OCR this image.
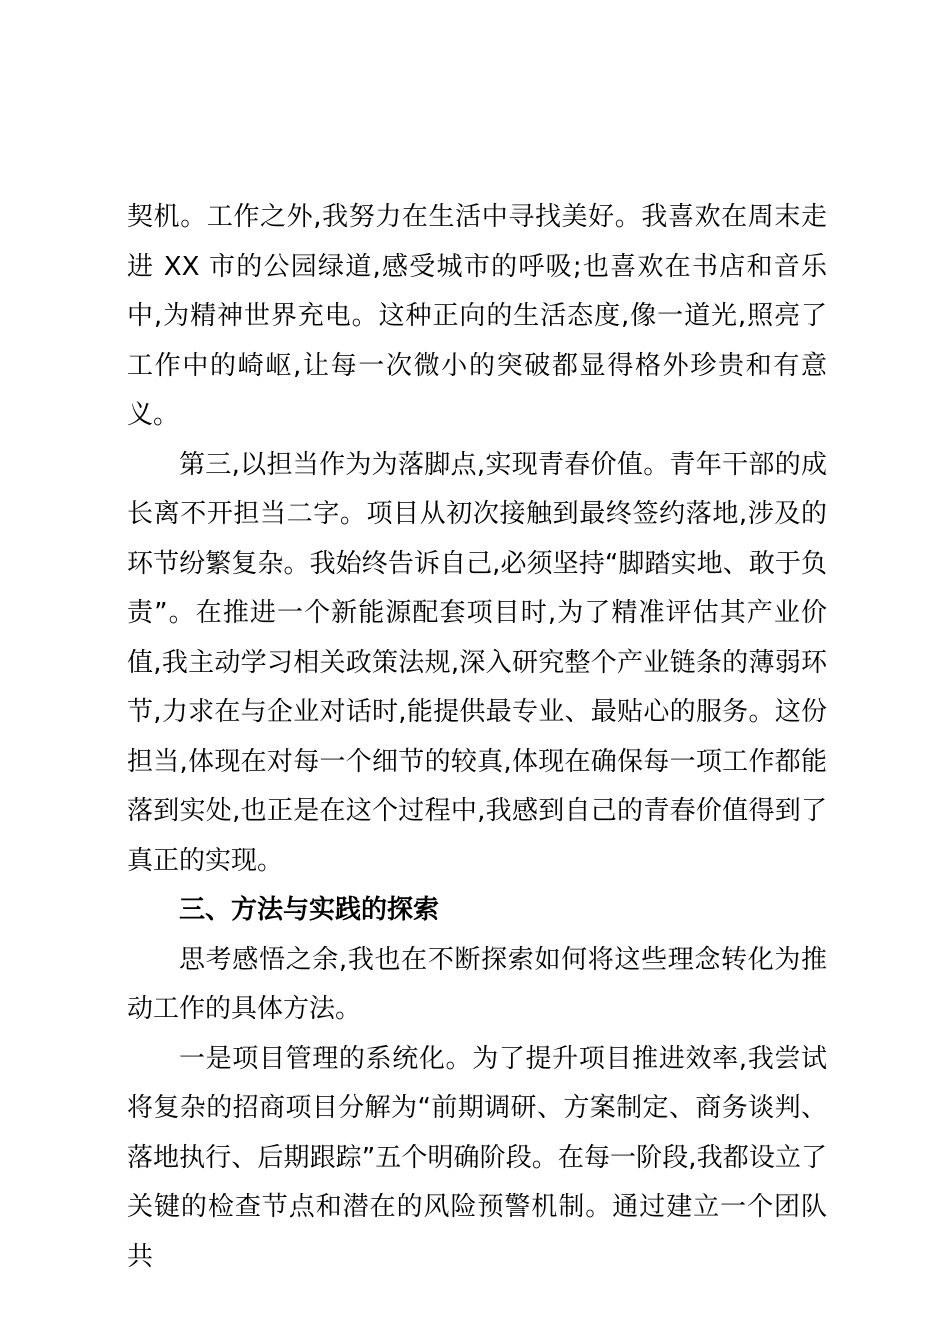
契机。工作之外,我努力在生活中寻找美好。我喜欢在周末走进 XX 市的公园绿道,感受城市的呼吸;也喜欢在书店和音乐中,为精神世界充电。这种正向的生活态度,像一道光,照亮了工作中的崎岖,让每一次微小的突破都显得格外珍贵和有意义。

第三,以担当作为为落脚点,实现青春价值。青年干部的成长离不开担当二字。项目从初次接触到最终签约落地,涉及的环节纷繁复杂。我始终告诉自己,必须坚持“脚踏实地、敢于负责”。在推进一个新能源配套项目时,为了精准评估其产业价值,我主动学习相关政策法规,深入研究整个产业链条的薄弱环节,力求在与企业对话时,能提供最专业、最贴心的服务。这份担当,体现在对每一个细节的较真,体现在确保每一项工作都能落到实处,也正是在这个过程中,我感到自己的青春价值得到了真正的实现。

三、方法与实践的探索

思考感悟之余,我也在不断探索如何将这些理念转化为推动工作的具体方法。

一是项目管理的系统化。为了提升项目推进效率,我尝试将复杂的招商项目分解为“前期调研、方案制定、商务谈判、落地执行、后期跟踪”五个明确阶段。在每一阶段,我都设立了关键的检查节点和潜在的风险预警机制。通过建立一个团队共
